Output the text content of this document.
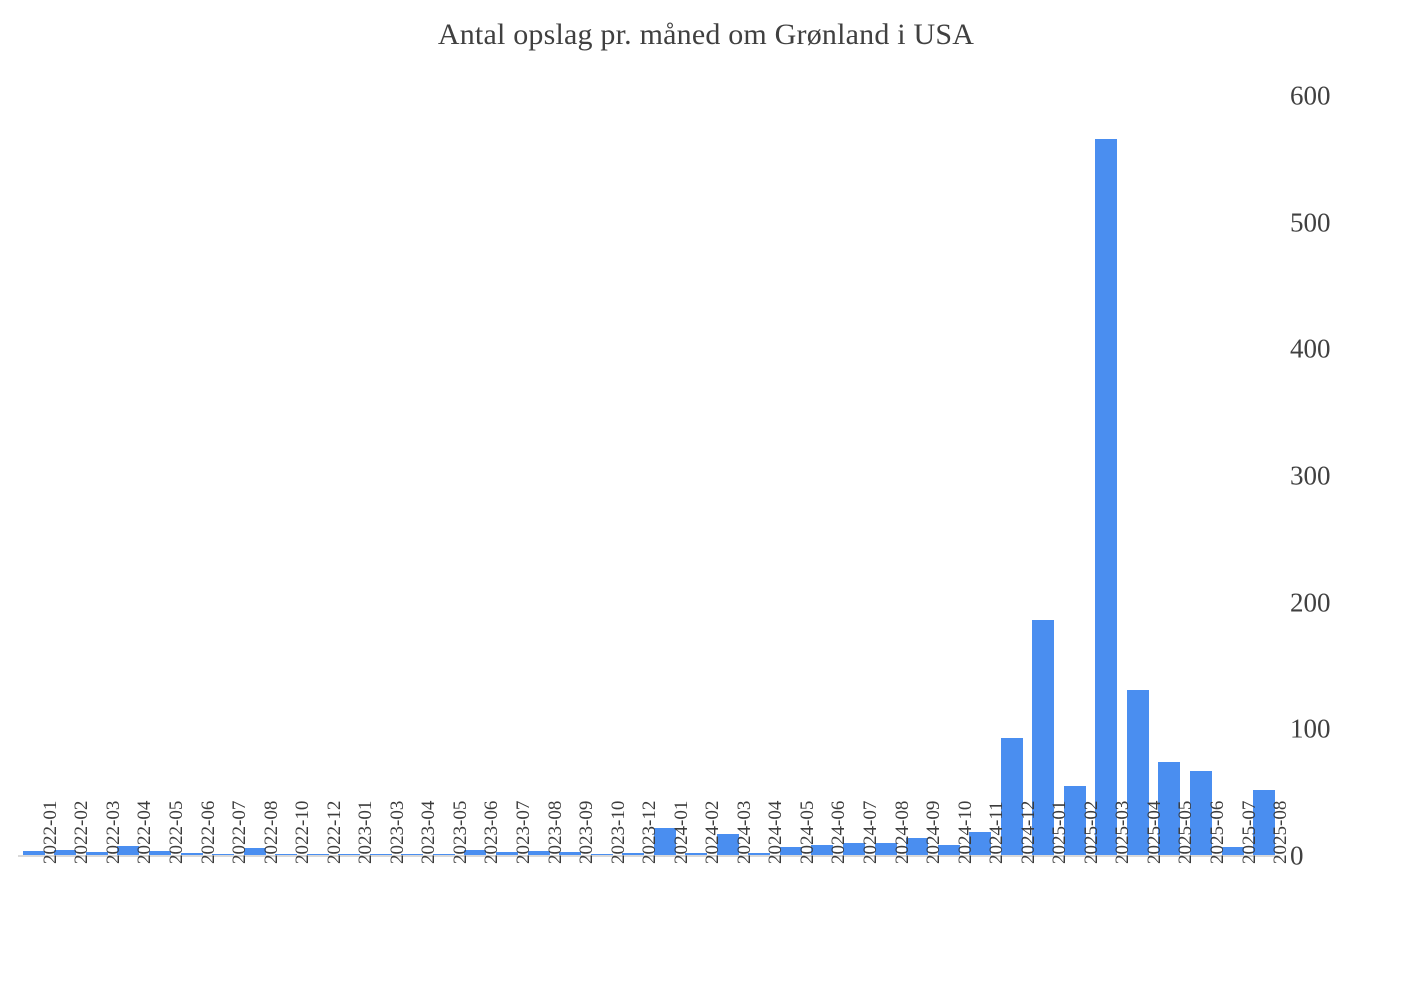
Antal opslag pr. måned om Grønland i USA
0
100
200
300
400
500
600
2022-01 2022-02 2022-03 2022-04 2022-05 2022-06 2022-07 2022-08 2022-10 2022-12 2023-01 2023-03 2023-04 2023-05 2023-06 2023-07 2023-08 2023-09 2023-10 2023-12 2024-01 2024-02 2024-03 2024-04 2024-05 2024-06 2024-07 2024-08 2024-09 2024-10 2024-11 2024-12 2025-01 2025-02 2025-03 2025-04 2025-05 2025-06 2025-07 2025-08
